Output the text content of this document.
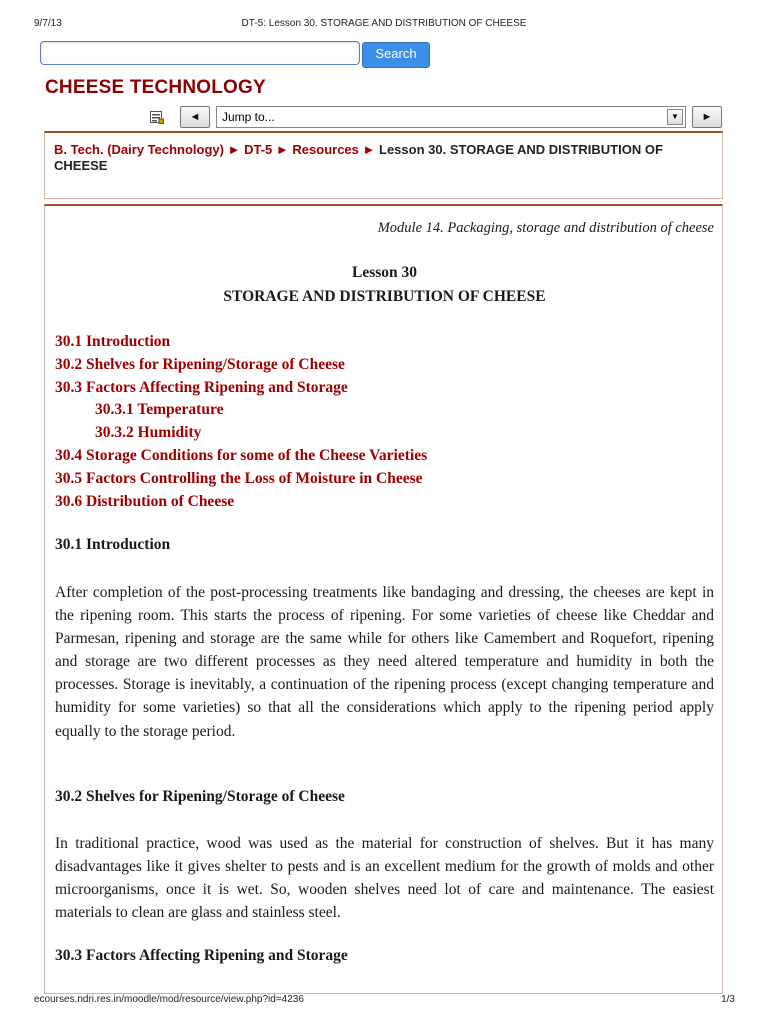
9/7/13	DT-5: Lesson 30. STORAGE AND DISTRIBUTION OF CHEESE
Search
CHEESE TECHNOLOGY
◄	Jump to...	▼	►
B. Tech. (Dairy Technology) ► DT-5 ► Resources ► Lesson 30. STORAGE AND DISTRIBUTION OF CHEESE
Module 14. Packaging, storage and distribution of cheese
Lesson 30
STORAGE AND DISTRIBUTION OF CHEESE
30.1 Introduction
30.2 Shelves for Ripening/Storage of Cheese
30.3 Factors Affecting Ripening and Storage
30.3.1 Temperature
30.3.2 Humidity
30.4 Storage Conditions for some of the Cheese Varieties
30.5 Factors Controlling the Loss of Moisture in Cheese
30.6 Distribution of Cheese
30.1 Introduction

After completion of the post-processing treatments like bandaging and dressing, the cheeses are kept in the ripening room. This starts the process of ripening. For some varieties of cheese like Cheddar and Parmesan, ripening and storage are the same while for others like Camembert and Roquefort, ripening and storage are two different processes as they need altered temperature and humidity in both the processes. Storage is inevitably, a continuation of the ripening process (except changing temperature and humidity for some varieties) so that all the considerations which apply to the ripening period apply equally to the storage period.

30.2 Shelves for Ripening/Storage of Cheese

In traditional practice, wood was used as the material for construction of shelves. But it has many disadvantages like it gives shelter to pests and is an excellent medium for the growth of molds and other microorganisms, once it is wet. So, wooden shelves need lot of care and maintenance. The easiest materials to clean are glass and stainless steel.

30.3 Factors Affecting Ripening and Storage
ecourses.ndri.res.in/moodle/mod/resource/view.php?id=4236	1/3
